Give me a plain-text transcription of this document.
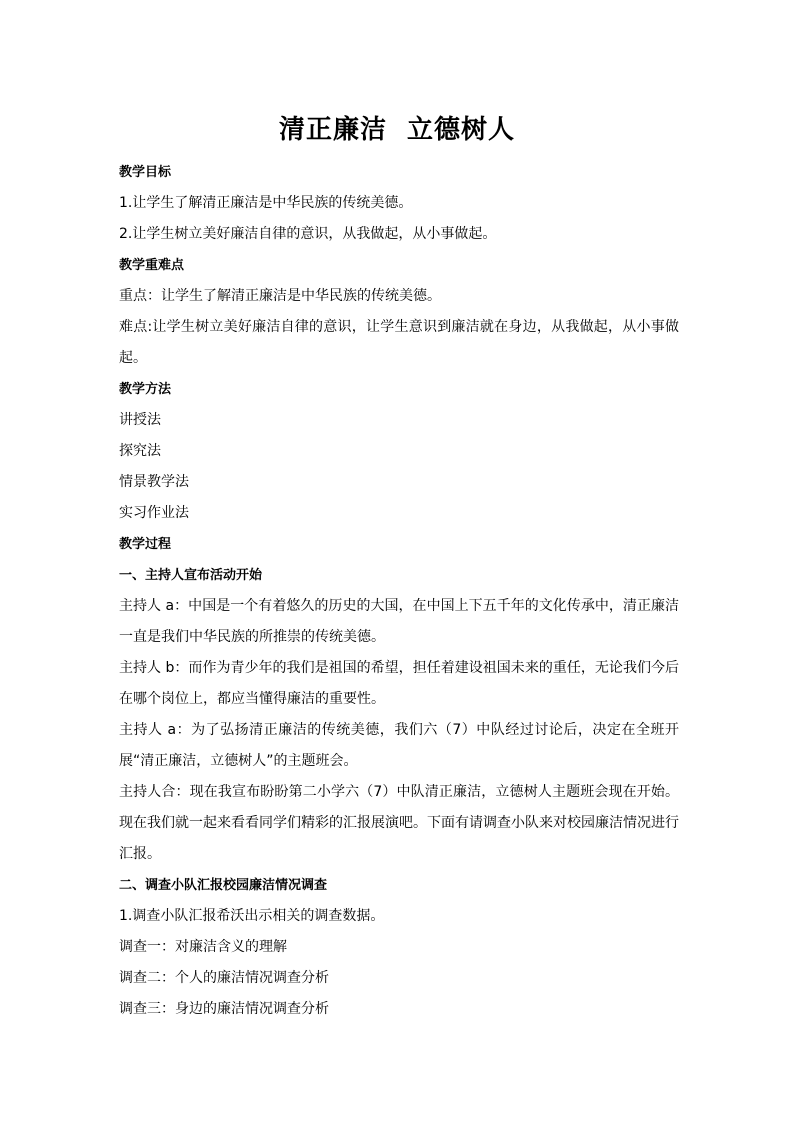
清正廉洁  立德树人

教学目标

1.让学生了解清正廉洁是中华民族的传统美德。

2.让学生树立美好廉洁自律的意识，从我做起，从小事做起。

教学重难点

重点：让学生了解清正廉洁是中华民族的传统美德。

难点:让学生树立美好廉洁自律的意识，让学生意识到廉洁就在身边，从我做起，从小事做起。

教学方法

讲授法

探究法

情景教学法

实习作业法

教学过程

一、主持人宣布活动开始

主持人 a：中国是一个有着悠久的历史的大国，在中国上下五千年的文化传承中，清正廉洁一直是我们中华民族的所推崇的传统美德。

主持人 b：而作为青少年的我们是祖国的希望，担任着建设祖国未来的重任，无论我们今后在哪个岗位上，都应当懂得廉洁的重要性。

主持人 a：为了弘扬清正廉洁的传统美德，我们六（7）中队经过讨论后，决定在全班开展“清正廉洁，立德树人”的主题班会。

主持人合：现在我宣布盼盼第二小学六（7）中队清正廉洁，立德树人主题班会现在开始。现在我们就一起来看看同学们精彩的汇报展演吧。下面有请调查小队来对校园廉洁情况进行汇报。

二、调查小队汇报校园廉洁情况调查

1.调查小队汇报希沃出示相关的调查数据。

调查一：对廉洁含义的理解

调查二：个人的廉洁情况调查分析

调查三：身边的廉洁情况调查分析
